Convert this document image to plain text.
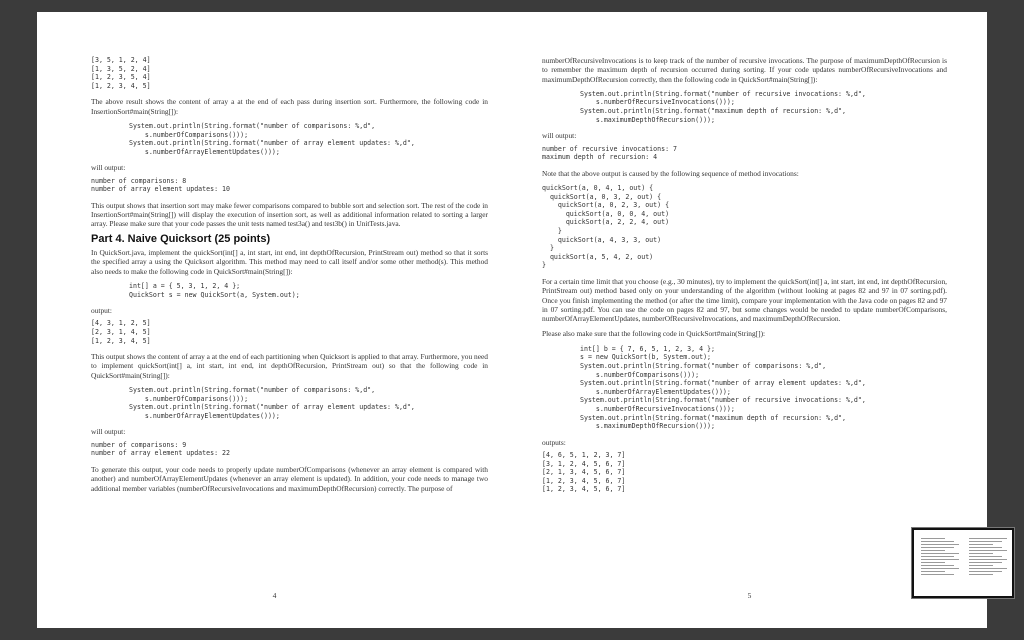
[3, 5, 1, 2, 4]
[1, 3, 5, 2, 4]
[1, 2, 3, 5, 4]
[1, 2, 3, 4, 5]

The above result shows the content of array a at the end of each pass during insertion sort. Furthermore, the following code in InsertionSort#main(String[]):

System.out.println(String.format("number of comparisons: %,d",
s.numberOfComparisons()));
System.out.println(String.format("number of array element updates: %,d",
s.numberOfArrayElementUpdates()));
will output:
number of comparisons: 8
number of array element updates: 10

This output shows that insertion sort may make fewer comparisons compared to bubble sort and selection sort. The rest of the code in InsertionSort#main(String[]) will display the execution of insertion sort, as well as additional information related to sorting a larger array. Please make sure that your code passes the unit tests named test3a() and test3b() in UnitTests.java.

Part 4. Naive Quicksort (25 points)

In QuickSort.java, implement the quickSort(int[] a, int start, int end, int depthOfRecursion, PrintStream out) method so that it sorts the specified array a using the Quicksort algorithm. This method may need to call itself and/or some other method(s). This method also needs to make the following code in QuickSort#main(String[]):

int[] a = { 5, 3, 1, 2, 4 };
QuickSort s = new QuickSort(a, System.out);
output:
[4, 3, 1, 2, 5]
[2, 3, 1, 4, 5]
[1, 2, 3, 4, 5]

This output shows the content of array a at the end of each partitioning when Quicksort is applied to that array. Furthermore, you need to implement quickSort(int[] a, int start, int end, int depthOfRecursion, PrintStream out) so that the following code in QuickSort#main(String[]):

System.out.println(String.format("number of comparisons: %,d",
s.numberOfComparisons()));
System.out.println(String.format("number of array element updates: %,d",
s.numberOfArrayElementUpdates()));
will output:
number of comparisons: 9
number of array element updates: 22

To generate this output, your code needs to properly update numberOfComparisons (whenever an array element is compared with another) and numberOfArrayElementUpdates (whenever an array element is updated). In addition, your code needs to manage two additional member variables (numberOfRecursiveInvocations and maximumDepthOfRecursion) correctly. The purpose of

4

numberOfRecursiveInvocations is to keep track of the number of recursive invocations. The purpose of maximumDepthOfRecursion is to remember the maximum depth of recursion occurred during sorting. If your code updates numberOfRecursiveInvocations and maximumDepthOfRecursion correctly, then the following code in QuickSort#main(String[]):

System.out.println(String.format("number of recursive invocations: %,d",
s.numberOfRecursiveInvocations()));
System.out.println(String.format("maximum depth of recursion: %,d",
s.maximumDepthOfRecursion()));
will output:
number of recursive invocations: 7
maximum depth of recursion: 4

Note that the above output is caused by the following sequence of method invocations:

quickSort(a, 0, 4, 1, out) {
quickSort(a, 0, 3, 2, out) {
quickSort(a, 0, 2, 3, out) {
quickSort(a, 0, 0, 4, out)
quickSort(a, 2, 2, 4, out)
}
quickSort(a, 4, 3, 3, out)
}
quickSort(a, 5, 4, 2, out)
}

For a certain time limit that you choose (e.g., 30 minutes), try to implement the quickSort(int[] a, int start, int end, int depthOfRecursion, PrintStream out) method based only on your understanding of the algorithm (without looking at pages 82 and 97 in 07 sorting.pdf). Once you finish implementing the method (or after the time limit), compare your implementation with the Java code on pages 82 and 97 in 07 sorting.pdf. You can use the code on pages 82 and 97, but some changes would be needed to update numberOfComparisons, numberOfArrayElementUpdates, numberOfRecursiveInvocations, and maximumDepthOfRecursion.

Please also make sure that the following code in QuickSort#main(String[]):

int[] b = { 7, 6, 5, 1, 2, 3, 4 };
s = new QuickSort(b, System.out);
System.out.println(String.format("number of comparisons: %,d",
s.numberOfComparisons()));
System.out.println(String.format("number of array element updates: %,d",
s.numberOfArrayElementUpdates()));
System.out.println(String.format("number of recursive invocations: %,d",
s.numberOfRecursiveInvocations()));
System.out.println(String.format("maximum depth of recursion: %,d",
s.maximumDepthOfRecursion()));
outputs:
[4, 6, 5, 1, 2, 3, 7]
[3, 1, 2, 4, 5, 6, 7]
[2, 1, 3, 4, 5, 6, 7]
[1, 2, 3, 4, 5, 6, 7]
[1, 2, 3, 4, 5, 6, 7]
5
